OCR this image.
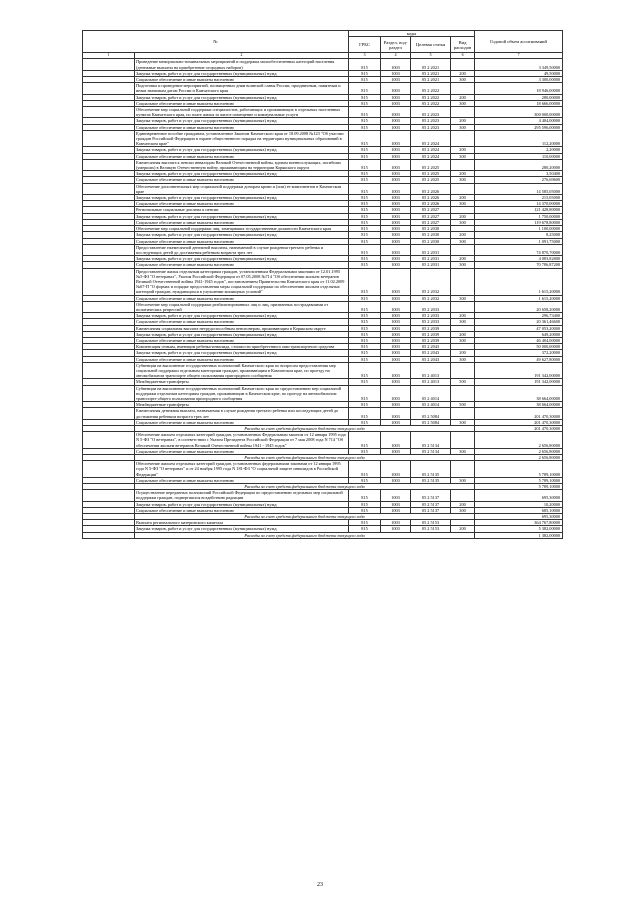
№		коды				Годовой объем ассигнований
		ГРБС	Раздел, под-раздел	Целевая статья	Вид расходов	
1	2	3	4	5	6	7
	Проведение мемориально-поминальных мероприятий и поддержка малообеспеченных категорий населения (денежные выплаты на приобретение огородных наборов)	815	1003	05 2 2021		3 349,50000
	Закупка товаров, работ и услуг для государственных (муниципальных) нужд	815	1003	05 2 2021	200	49,50000
	Социальное обеспечение и иные выплаты населению	815	1003	05 2 2021	300	3 300,00000
	Подготовка и проведение мероприятий, посвященных дням воинской славы России, праздничным, памятным и иным значимым датам России и Камчатского края	815	1003	05 2 2022		18 946,00000
	Закупка товаров, работ и услуг для государственных (муниципальных) нужд	815	1003	05 2 2022	200	280,00000
	Социальное обеспечение и иные выплаты населению	815	1003	05 2 2022	300	18 666,00000
	Обеспечение мер социальной поддержки специалистов, работающих и проживающих в отдельных населенных пунктах Камчатского края, по плате жилья за жилое помещение и коммунальные услуги	815	1003	05 2 2023		300 000,00000
	Закупка товаров, работ и услуг для государственных (муниципальных) нужд	815	1003	05 2 2023	200	4 404,00000
	Социальное обеспечение и иные выплаты населению	815	1003	05 2 2023	300	295 596,00000
	Единовременное пособие гражданам, установленное Законом Камчатского края от 18.09.2008 №123 "Об участии граждан Российской Федерации в охране общественного порядка на территории муниципальных образований в Камчатском крае"	815	1003	05 2 2024		112,20000
	Закупка товаров, работ и услуг для государственных (муниципальных) нужд	815	1003	05 2 2024	200	2,20000
	Социальное обеспечение и иные выплаты населению	815	1003	05 2 2024	300	110,00000
	Ежемесячная выплата к пенсии инвалидам Великой Отечественной войны, вдовам военнослужащих, погибших (умерших) в Великую Отечественную войну, проживающим на территории Корякского округа	815	1003	05 2 2025		280,20000
	Закупка товаров, работ и услуг для государственных (муниципальных) нужд	815	1003	05 2 2025	200	3,50400
	Социальное обеспечение и иные выплаты населению	815	1003	05 2 2025	300	276,69600
	Обеспечение дополнительных мер социальной поддержки донорам крови и (или) ее компонентов в Камчатском крае	815	1003	05 2 2026		14 585,05000
	Закупка товаров, работ и услуг для государственных (муниципальных) нужд	815	1003	05 2 2026	200	215,05000
	Социальное обеспечение и иные выплаты населению	815	1003	05 2 2026	300	14 370,00000
	Региональные социальные доплаты к пенсии	815	1003	05 2 2027		121 428,80000
	Закупка товаров, работ и услуг для государственных (муниципальных) нужд	815	1003	05 2 2027	200	1 750,00000
	Социальное обеспечение и иные выплаты населению	815	1003	05 2 2027	300	119 678,80000
	Обеспечение мер социальной поддержки лиц, замещавших государственные должности Камчатского края	815	1003	05 2 2030		1 100,00000
	Закупка товаров, работ и услуг для государственных (муниципальных) нужд	815	1003	05 2 2030	200	8,25000
	Социальное обеспечение и иные выплаты населению	815	1003	05 2 2030	300	1 091,75000
	Предоставление ежемесячной денежной выплаты, назначаемой в случае рождения третьего ребенка и последующих детей до достижения ребенком возраста трех лет	815	1003	05 2 2031		74 870,70000
	Закупка товаров, работ и услуг для государственных (муниципальных) нужд	815	1003	05 2 2031	200	4 083,82800
	Социальное обеспечение и иные выплаты населению	815	1003	05 2 2031	300	70 786,87200
	Предоставление жилья отдельным категориям граждан, установленным Федеральными законами от 12.01.1995 №5-ФЗ "О ветеранах", Указом Российской Федерации от 07.05.2008 №714 "Об обеспечении жильем ветеранов Великой Отечественной войны 1941-1945 годов", постановлением Правительства Камчатского края от 11.02.2009 №67-П "О формах и порядке предоставления меры социальной поддержки по обеспечению жильем отдельных категорий граждан, нуждающихся в улучшении жилищных условий"	815	1003	05 2 2032		1 615,20000
	Социальное обеспечение и иные выплаты населению	815	1003	05 2 2032	300	1 615,20000
	Обеспечение мер социальной поддержки реабилитированных лиц и лиц, признанных пострадавшими от политических репрессий	815	1003	05 2 2033		20 658,20000
	Закупка товаров, работ и услуг для государственных (муниципальных) нужд	815	1003	05 2 2033	200	296,73400
	Социальное обеспечение и иные выплаты населению	815	1003	05 2 2033	300	20 361,46600
	Ежемесячная социальная выплата нетрудоспособным пенсионерам, проживающим в Корякском округе	815	1003	05 2 2039		47 053,20000
	Закупка товаров, работ и услуг для государственных (муниципальных) нужд	815	1003	05 2 2039	200	649,20000
	Социальное обеспечение и иные выплаты населению	815	1003	05 2 2039	300	46 404,00000
	Компенсация семьям, имеющим ребенка-инвалида, стоимости приобретенного ими транспортного средства	815	1003	05 2 2043		50 000,00000
	Закупка товаров, работ и услуг для государственных (муниципальных) нужд	815	1003	05 2 2043	200	372,20000
	Социальное обеспечение и иные выплаты населению	815	1003	05 2 2043	300	49 627,80000
	Субвенции на выполнение государственных полномочий Камчатского края по вопросам предоставления мер социальной поддержки отдельным категориям граждан, проживающим в Камчатском крае, по проезду на автомобильном транспорте общего пользования пригородного сообщения	815	1003	05 2 4013		191 342,00000
	Межбюджетные трансферты	815	1003	05 2 4013	500	191 342,00000
	Субвенции на выполнение государственных полномочий Камчатского края по предоставлению мер социальной поддержки отдельным категориям граждан, проживающим в Камчатском крае, по проезду на автомобильном транспорте общего пользования пригородного сообщения	815	1003	05 2 4014		38 664,00000
	Межбюджетные трансферты	815	1003	05 2 4014	500	38 664,00000
	Ежемесячная денежная выплата, назначаемая в случае рождения третьего ребенка или последующих детей до достижения ребенком возраста трех лет	815	1003	05 2 5084		201 470,30000
	Социальное обеспечение и иные выплаты населению	815	1003	05 2 5084	300	201 470,30000
	Расходы за счет средств федерального бюджета текущего года					201 470,30000
	Обеспечение жильем отдельных категорий граждан, установленных Федеральным законом от 12 января 1995 года N 5-ФЗ "О ветеранах", в соответствии с Указом Президента Российской Федерации от 7 мая 2008 года N 714 "Об обеспечении жильем ветеранов Великой Отечественной войны 1941 - 1945 годов"	815	1003	05 2 5134		2 656,80000
	Социальное обеспечение и иные выплаты населению	815	1003	05 2 5134	300	2 656,80000
	Расходы за счет средств федерального бюджета текущего года					2 656,80000
	Обеспечение жильем отдельных категорий граждан, установленных федеральными законами от 12 января 1995 года N 5-ФЗ "О ветеранах" и от 24 ноября 1995 года N 181-ФЗ "О социальной защите инвалидов в Российской Федерации"	815	1003	05 2 5135		5 789,10000
	Социальное обеспечение и иные выплаты населению	815	1003	05 2 5135	300	5 789,10000
	Расходы за счет средств федерального бюджета текущего года					5 789,10000
	Осуществление переданных полномочий Российской Федерации по предоставлению отдельных мер социальной поддержки граждан, подвергшихся воздействию радиации	815	1003	05 2 5137		695,30000
	Закупка товаров, работ и услуг для государственных (муниципальных) нужд	815	1003	05 2 5137	200	10,20000
	Социальное обеспечение и иные выплаты населению	815	1003	05 2 5137	300	685,10000
	Расходы за счет средств федерального бюджета текущего года					695,30000
	Выплата регионального материнского капитала	815	1003	05 2 5153		364 767,80000
	Закупка товаров, работ и услуг для государственных (муниципальных) нужд	815	1003	05 2 5153	200	5 382,00000
	Расходы за счет средств федерального бюджета текущего года					1 382,00000
23
